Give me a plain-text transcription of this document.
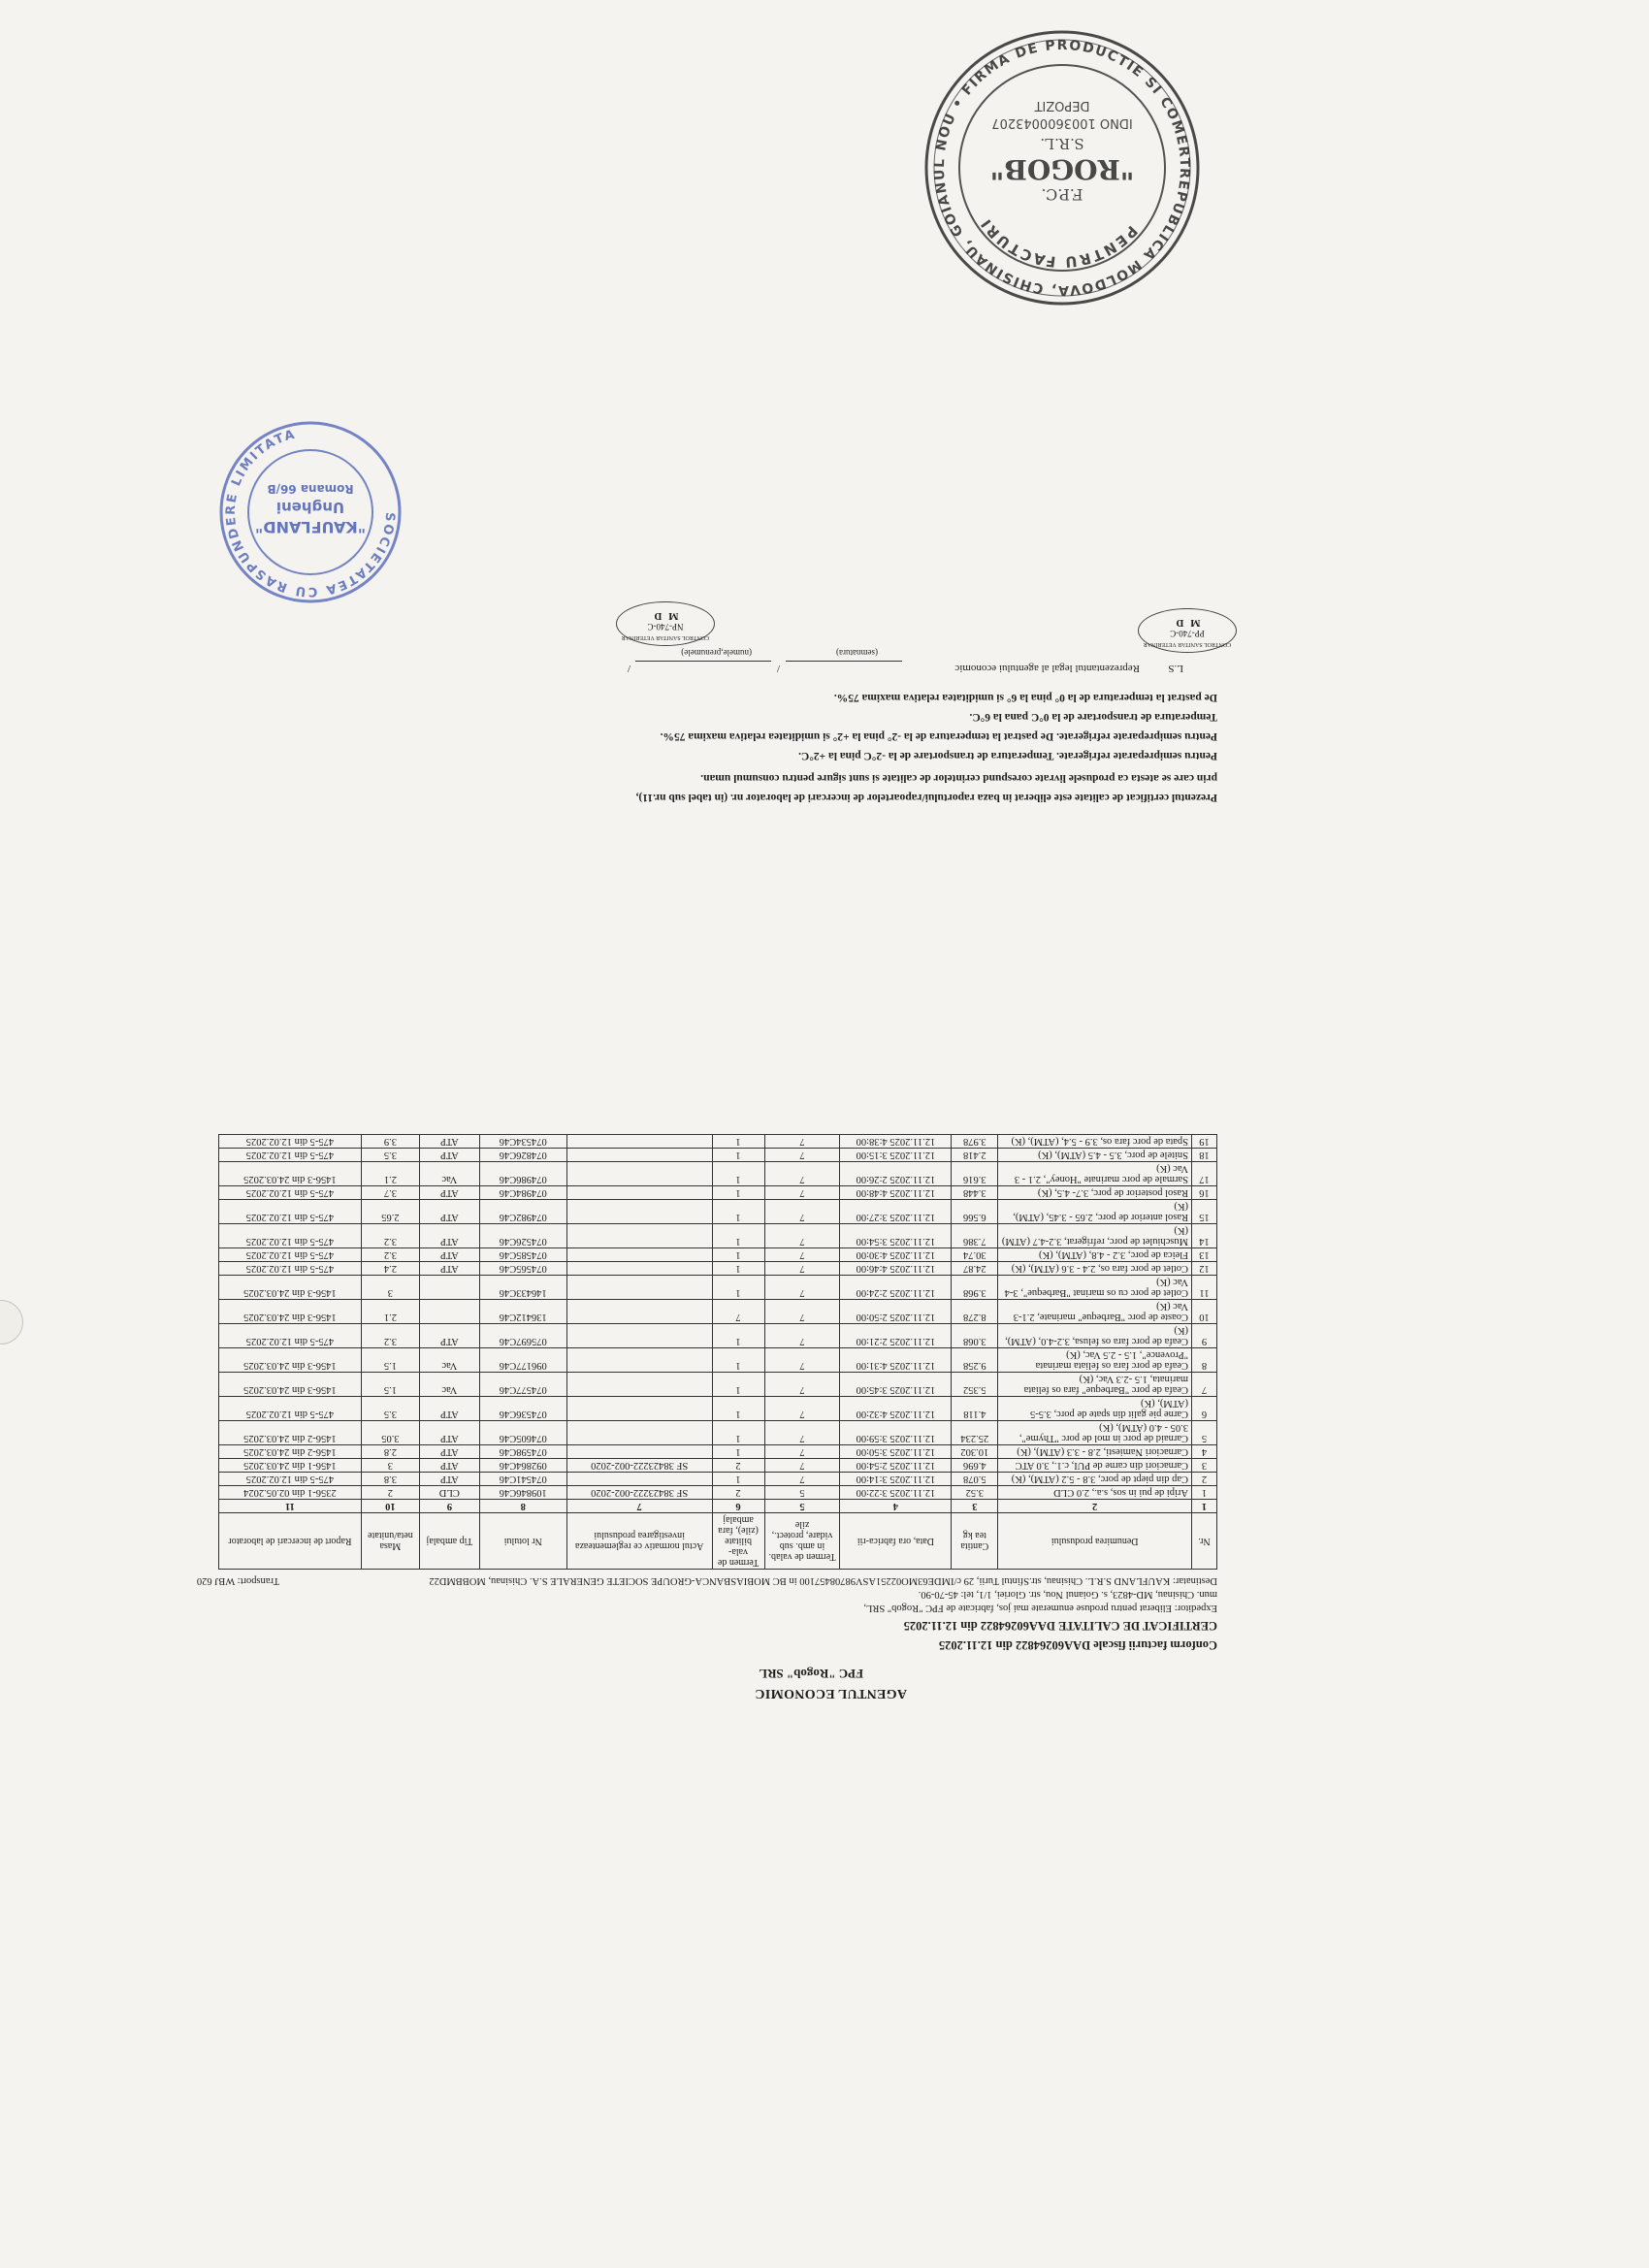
AGENTUL ECONOMIC
FPC "Rogob" SRL
Conform facturii fiscale DAA60264822 din 12.11.2025
CERTIFICAT DE CALITATE DAA60264822 din 12.11.2025
Expeditor: Eliberat pentru produse enumerate mai jos, fabricate de FPC "Rogob" SRL,
mun. Chisinau, MD-4823, s. Goianul Nou, str. Gloriei, 1/1, tel: 45-70-90.
Destinatar: KAUFLAND S.R.L. Chisinau, str.Sfintul Turii, 29 c/IMDE63MO02251ASV98708457100 in BC MOBIASBANCA-GROUPE SOCIETE GENERALE S.A. Chisinau, MOBBMD22
Transport: WBJ 620
Nr.	Denumirea produsului	Cantita tea kg	Data, ora fabrica-rii	Termen de valab. in amb. sub vidare, protect., zile	Termen de vala-bilitate (zile), fara ambalaj	Actul normativ ce reglementeaza investigarea produsului	Nr lotului	Tip ambalaj	Masa neta/unitate	Raport de incercari de laborator
1	2	3	4	5	6	7	8	9	10	11
1	Aripi de pui in sos, s.a., 2.0 CLD	3.52	12.11.2025 3:22:00	5	2	SF 38423222-002-2020	109846C46	CLD	2	2356-1 din 02.05.2024
2	Cap din piept de porc, 3.8 - 5.2 (ATM), (K)	5.078	12.11.2025 3:14:00	7	1		074541C46	ATP	3.8	475-5 din 12.02.2025
3	Carnaciori din carne de PUI, c.1., 3.0 ATC	4.696	12.11.2025 2:54:00	7	2	SF 38423222-002-2020	092864C46	ATP	3	1456-1 din 24.03.2025
4	Carnaciori Namiesti, 2.8 - 3.3 (ATM), (K)	10.302	12.11.2025 3:50:00	7	1		074598C46	ATP	2.8	1456-2 din 24.03.2025
5	Carnaid de porc in mol de porc "Thyme", 3.05 - 4.0 (ATM), (K)	25.234	12.11.2025 3:59:00	7	1		074605C46	ATP	3.05	1456-2 din 24.03.2025
6	Carne pie galit din spate de porc, 3.5-5 (ATM), (K)	4.118	12.11.2025 4:32:00	7	1		074536C46	ATP	3.5	475-5 din 12.02.2025
7	Ceafa de porc "Barbeque" fara os feliata marinata, 1.5 -2.3 Vac, (K)	5.352	12.11.2025 3:45:00	7	1		074577C46	Vac	1.5	1456-3 din 24.03.2025
8	Ceafa de porc fara os feliata marinata "Provence", 1.5 - 2.5 Vac, (K)	9.258	12.11.2025 4:31:00	7	1		096177C46	Vac	1.5	1456-3 din 24.03.2025
9	Ceafa de porc fara os felusa, 3.2-4.0, (ATM), (K)	3.068	12.11.2025 2:21:00	7	1		075697C46	ATP	3.2	475-5 din 12.02.2025
10	Coaste de porc "Barbeque" marinate, 2.1-3 Vac (K)	8.278	12.11.2025 2:50:00	7	7		136412C46		2.1	1456-3 din 24.03.2025
11	Cotlet de porc cu os marinat "Barbeque", 3-4 Vac (K)	3.968	12.11.2025 2:24:00	7	1		146433C46		3	1456-3 din 24.03.2025
12	Cotlet de porc fara os, 2.4 - 3.6 (ATM), (K)	24.87	12.11.2025 4:46:00	7	1		074565C46	ATP	2.4	475-5 din 12.02.2025
13	Fleica de porc, 3.2 - 4.8, (ATM), (K)	30.74	12.11.2025 4:30:00	7	1		074585C46	ATP	3.2	475-5 din 12.02.2025
14	Muschiulet de porc, refrigerat, 3.2-4.7 (ATM) (K)	7.386	12.11.2025 3:54:00	7	1		074526C46	ATP	3.2	475-5 din 12.02.2025
15	Rasol anterior de porc, 2.65 - 3.45, (ATM), (K)	6.566	12.11.2025 3:27:00	7	1		074982C46	ATP	2.65	475-5 din 12.02.2025
16	Rasol posterior de porc, 3.7- 4.5, (K)	3.448	12.11.2025 4:48:00	7	1		074984C46	ATP	3.7	475-5 din 12.02.2025
17	Sarmale de porc marinate "Honey", 2.1 - 3 Vac (K)	3.616	12.11.2025 2:26:00	7	1		074986C46	Vac	2.1	1456-3 din 24.03.2025
18	Snitele de porc, 3.5 - 4.5 (ATM), (K)	2.418	12.11.2025 3:15:00	7	1		074826C46	ATP	3.5	475-5 din 12.02.2025
19	Spata de porc fara os, 3.9 - 5.4, (ATM), (K)	3.978	12.11.2025 4:38:00	7	1		074534C46	ATP	3.9	475-5 din 12.02.2025
Prezentul certificat de calitate este eliberat in baza raportului/rapoartelor de incercari de laborator nr. (in tabel sub nr.11),
prin care se atesta ca produsele livrate corespund cerintelor de calitate si sunt sigure pentru consumul uman.
Pentru semipreparate refrigerate. Temperatura de transportare de la -2°C pina la +2°C.
Pentru semipreparate refrigerate. De pastrat la temperatura de la -2° pina la +2° si umiditatea relativa maxima 75%.
Temperatura de transportare de la 0°C pana la 6°C.
De pastrat la temperatura de la 0° pina la 6° si umiditatea relativa maxima 75%.
L.S
Reprezentantul legal al agentului economic
/
/
(semnatura)
(numele,prenumele)
CONTROL SANITAR VETERINAR
PP-740-C
M D
CONTROL SANITAR VETERINAR
NP-740-C
M D
SOCIETATEA CU RASPUNDERE LIMITATA
"KAUFLAND"
Ungheni
Romana 66/B
REPUBLICA MOLDOVA, CHISINAU, GOIANUL NOU • FIRMA DE PRODUCTIE SI COMERT
PENTRU FACTURI
F.P.C.
"ROGOB"
S.R.L.
IDNO 1003600043207
DEPOZIT
